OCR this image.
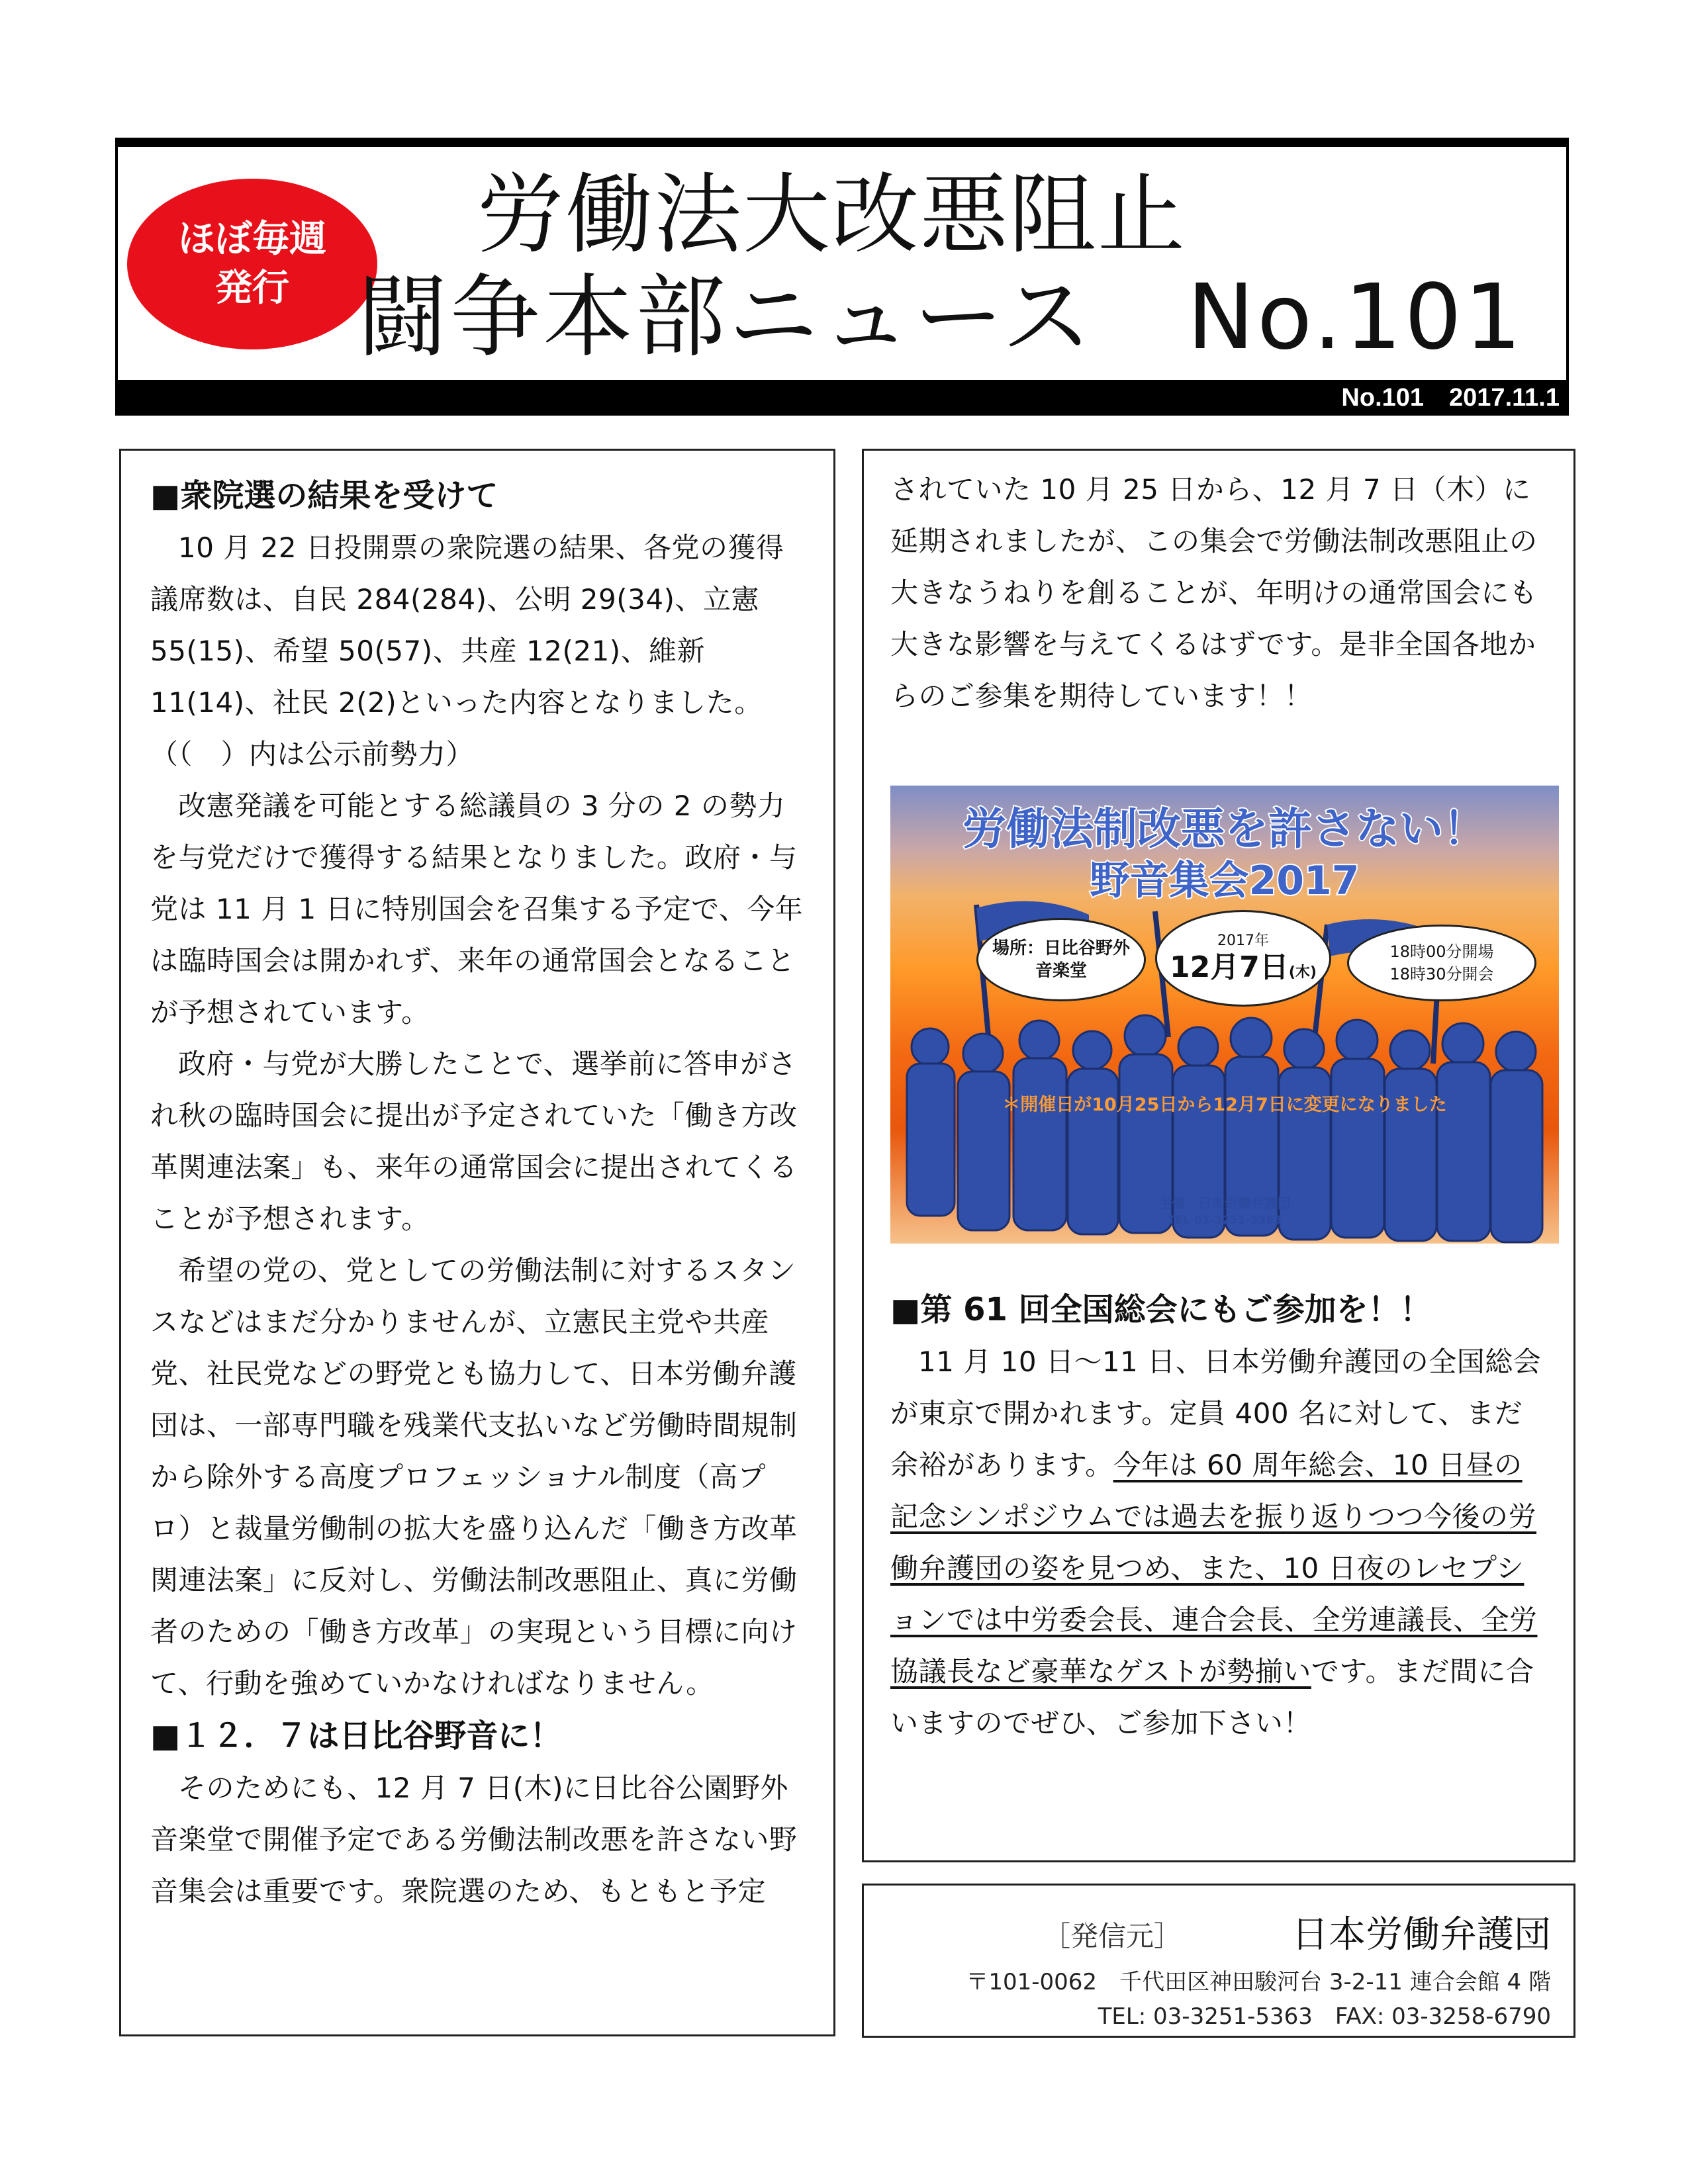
ほぼ毎週
発行
労働法大改悪阻止
闘争本部ニュース　No.101
No.101　2017.11.1
■衆院選の結果を受けて

10 月 22 日投開票の衆院選の結果、各党の獲得議席数は、自民 284(284)、公明 29(34)、立憲 55(15)、希望 50(57)、共産 12(21)、維新 11(14)、社民 2(2)といった内容となりました。

（（　）内は公示前勢力）

改憲発議を可能とする総議員の 3 分の 2 の勢力を与党だけで獲得する結果となりました。政府・与党は 11 月 1 日に特別国会を召集する予定で、今年は臨時国会は開かれず、来年の通常国会となることが予想されています。

政府・与党が大勝したことで、選挙前に答申がされ秋の臨時国会に提出が予定されていた「働き方改革関連法案」も、来年の通常国会に提出されてくることが予想されます。

希望の党の、党としての労働法制に対するスタンスなどはまだ分かりませんが、立憲民主党や共産党、社民党などの野党とも協力して、日本労働弁護団は、一部専門職を残業代支払いなど労働時間規制から除外する高度プロフェッショナル制度（高プロ）と裁量労働制の拡大を盛り込んだ「働き方改革関連法案」に反対し、労働法制改悪阻止、真に労働者のための「働き方改革」の実現という目標に向けて、行動を強めていかなければなりません。

■１２．７は日比谷野音に！

そのためにも、12 月 7 日(木)に日比谷公園野外音楽堂で開催予定である労働法制改悪を許さない野音集会は重要です。衆院選のため、もともと予定

されていた 10 月 25 日から、12 月 7 日（木）に延期されましたが、この集会で労働法制改悪阻止の大きなうねりを創ることが、年明けの通常国会にも大きな影響を与えてくるはずです。是非全国各地からのご参集を期待しています！！

労働法制改悪を許さない！
野音集会2017
場所：日比谷野外
音楽堂
2017年
12月7日 (木)
18時00分開場
18時30分開会
＊開催日が10月25日から12月7日に変更になりました
主催　日本労働弁護団
TEL 03-3251-5363
■第 61 回全国総会にもご参加を！！

11 月 10 日～11 日、日本労働弁護団の全国総会が東京で開かれます。定員 400 名に対して、まだ余裕があります。今年は 60 周年総会、10 日昼の記念シンポジウムでは過去を振り返りつつ今後の労働弁護団の姿を見つめ、また、10 日夜のレセプションでは中労委会長、連合会長、全労連議長、全労協議長など豪華なゲストが勢揃いです。まだ間に合いますのでぜひ、ご参加下さい！

［発信元］	日本労働弁護団
〒101-0062　千代田区神田駿河台 3-2-11 連合会館 4 階
TEL: 03-3251-5363　FAX: 03-3258-6790
